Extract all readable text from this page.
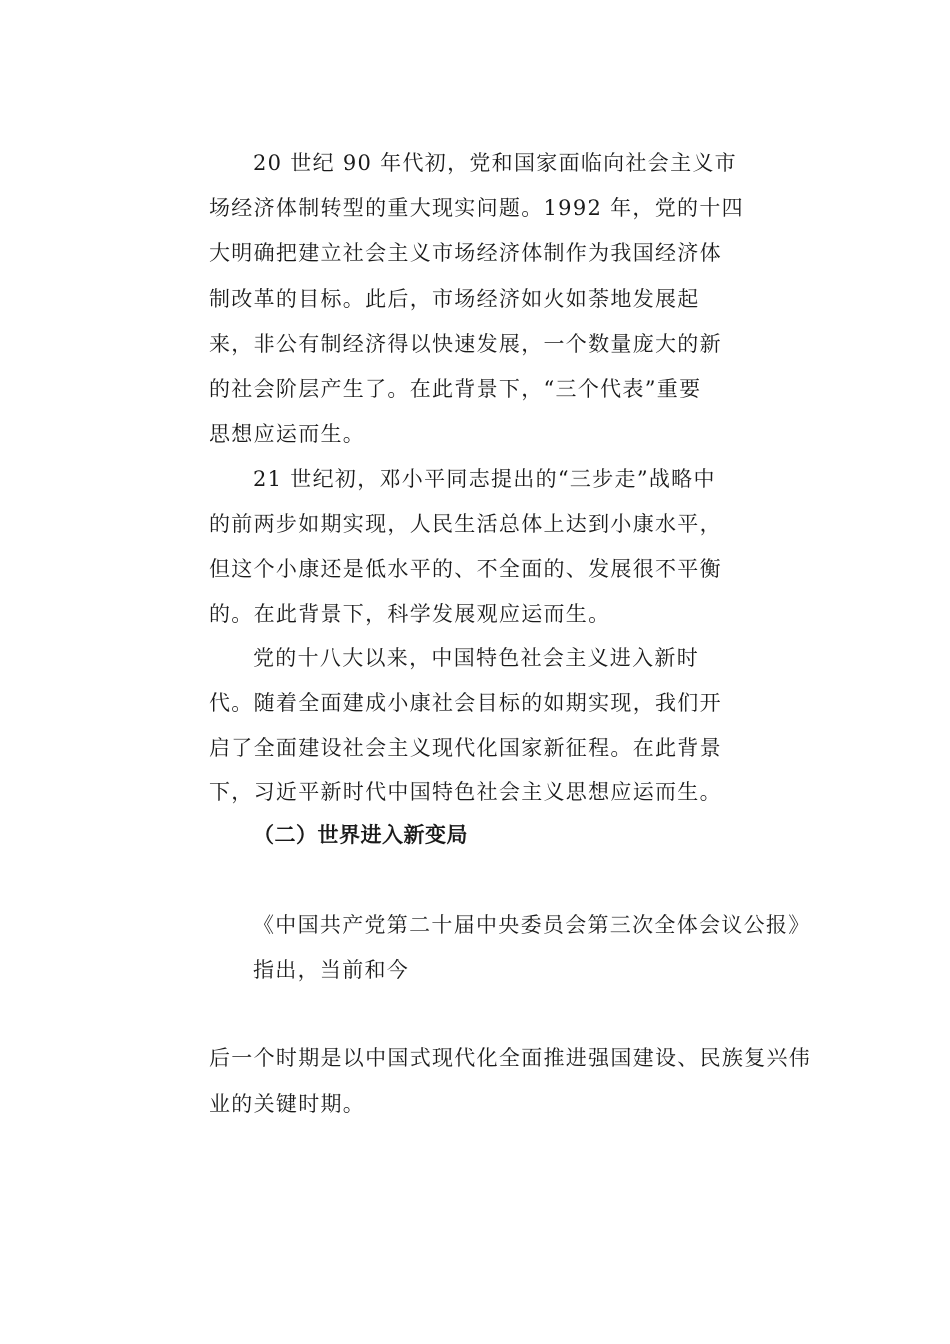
20 世纪 90 年代初，党和国家面临向社会主义市
场经济体制转型的重大现实问题。1992 年，党的十四
大明确把建立社会主义市场经济体制作为我国经济体
制改革的目标。此后，市场经济如火如荼地发展起
来，非公有制经济得以快速发展，一个数量庞大的新
的社会阶层产生了。在此背景下，“三个代表”重要
思想应运而生。
21 世纪初，邓小平同志提出的“三步走”战略中
的前两步如期实现，人民生活总体上达到小康水平，
但这个小康还是低水平的、不全面的、发展很不平衡
的。在此背景下，科学发展观应运而生。
党的十八大以来，中国特色社会主义进入新时
代。随着全面建成小康社会目标的如期实现，我们开
启了全面建设社会主义现代化国家新征程。在此背景
下，习近平新时代中国特色社会主义思想应运而生。
（二）世界进入新变局
《中国共产党第二十届中央委员会第三次全体会议公报》
指出，当前和今
后一个时期是以中国式现代化全面推进强国建设、民族复兴伟
业的关键时期。
